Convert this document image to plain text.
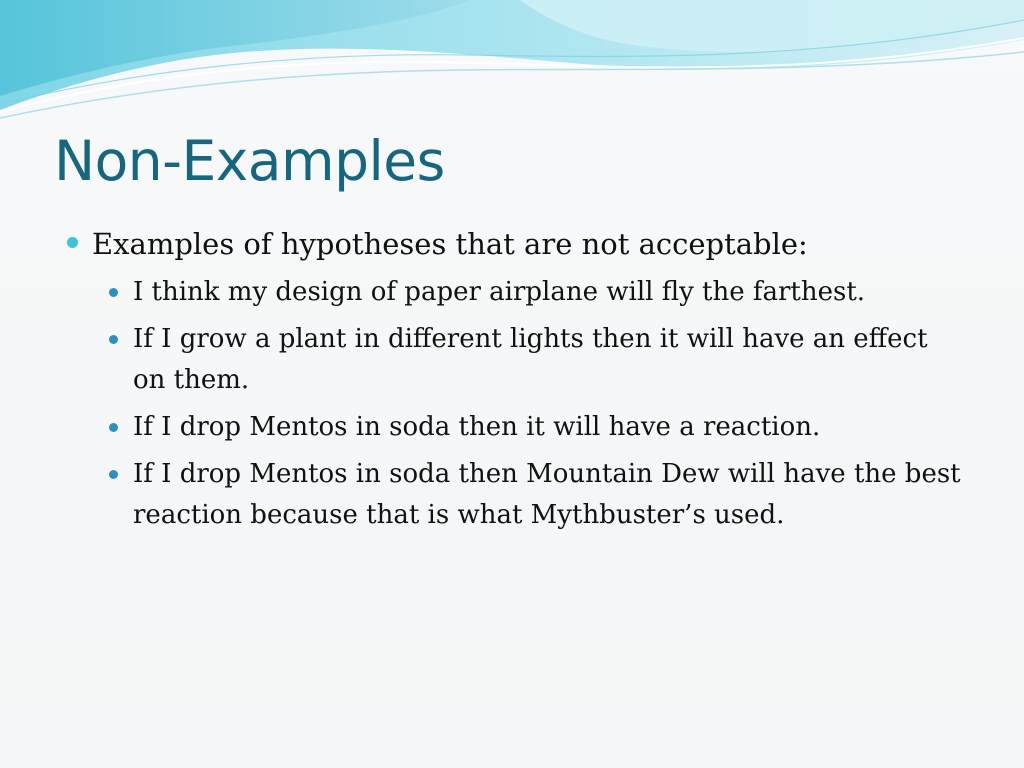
Non-Examples
Examples of hypotheses that are not acceptable:
I think my design of paper airplane will fly the farthest.
If I grow a plant in different lights then it will have an effect on them.
If I drop Mentos in soda then it will have a reaction.
If I drop Mentos in soda then Mountain Dew will have the best reaction because that is what Mythbuster’s used.
